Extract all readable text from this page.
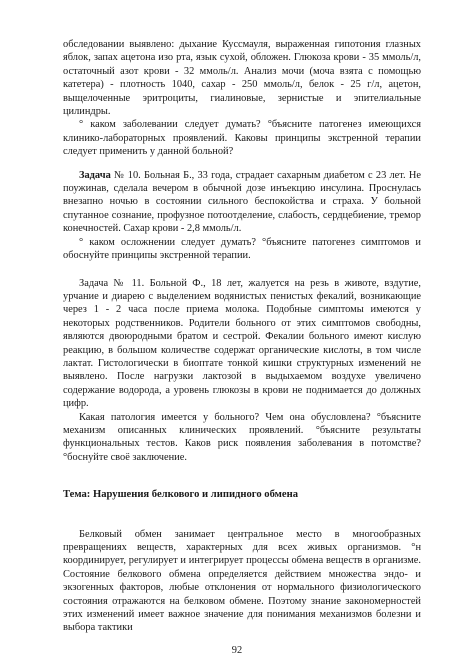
обследовании выявлено: дыхание Куссмауля, выраженная гипотония глазных яблок, запах ацетона изо рта, язык сухой, обложен. Глюкоза крови - 35 ммоль/л, остаточный азот крови - 32 ммоль/л. Анализ мочи (моча взята с помощью катетера) - плотность 1040, сахар - 250 ммоль/л, белок - 25 г/л, ацетон, выщелоченные эритроциты, гиалиновые, зернистые и эпителиальные цилиндры.

° каком заболевании следует думать? °бъясните патогенез имеющихся клинико-лабораторных проявлений. Каковы принципы экстренной терапии следует применить у данной больной?

Задача № 10. Больная Б., 33 года, страдает сахарным диабетом с 23 лет. Не поужинав, сделала вечером в обычной дозе инъекцию инсулина. Проснулась внезапно ночью в состоянии сильного беспокойства и страха. У больной спутанное сознание, профузное потоотделение, слабость, сердцебиение, тремор конечностей. Сахар крови - 2,8 ммоль/л.

° каком осложнении следует думать? °бъясните патогенез симптомов и обоснуйте принципы экстренной терапии.

Задача № 11. Больной Ф., 18 лет, жалуется на резь в животе, вздутие, урчание и диарею с выделением водянистых пенистых фекалий, возникающие через 1 - 2 часа после приема молока. Подобные симптомы имеются у некоторых родственников. Родители больного от этих симптомов свободны, являются двоюродными братом и сестрой. Фекалии больного имеют кислую реакцию, в большом количестве содержат органические кислоты, в том числе лактат. Гистологически в биоптате тонкой кишки структурных изменений не выявлено. После нагрузки лактозой в выдыхаемом воздухе увеличено содержание водорода, а уровень глюкозы в крови не поднимается до должных цифр.

Какая патология имеется у больного? Чем она обусловлена? °бъясните механизм описанных клинических проявлений. °бъясните результаты функциональных тестов. Каков риск появления заболевания в потомстве? °боснуйте своё заключение.

Тема: Нарушения белкового и липидного обмена

Белковый обмен занимает центральное место в многообразных превращениях веществ, характерных для всех живых организмов. °н координирует, регулирует и интегрирует процессы обмена веществ в организме. Состояние белкового обмена определяется действием множества эндо- и экзогенных факторов, любые отклонения от нормального физиологического состояния отражаются на белковом обмене. Поэтому знание закономерностей этих изменений имеет важное значение для понимания механизмов болезни и выбора тактики

92
